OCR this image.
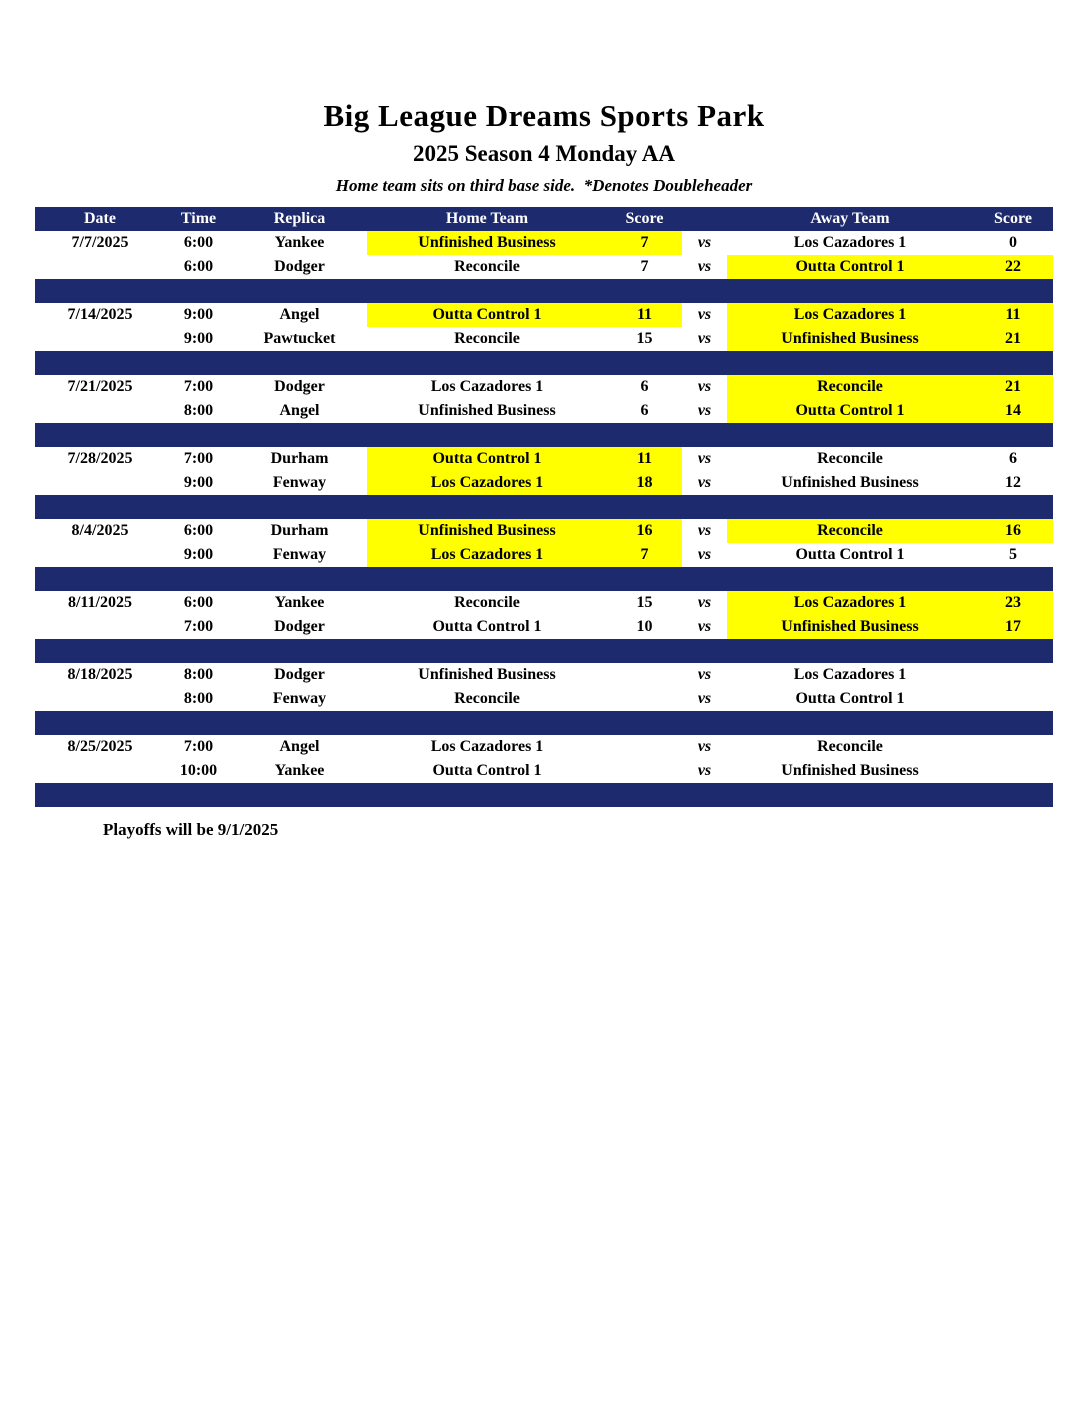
Big League Dreams Sports Park
2025 Season 4 Monday AA
Home team sits on third base side.  *Denotes Doubleheader
Date	Time	Replica	Home Team	Score		Away Team	Score
7/7/2025	6:00	Yankee	Unfinished Business	7	vs	Los Cazadores 1	0
	6:00	Dodger	Reconcile	7	vs	Outta Control 1	22

7/14/2025	9:00	Angel	Outta Control 1	11	vs	Los Cazadores 1	11
	9:00	Pawtucket	Reconcile	15	vs	Unfinished Business	21

7/21/2025	7:00	Dodger	Los Cazadores 1	6	vs	Reconcile	21
	8:00	Angel	Unfinished Business	6	vs	Outta Control 1	14

7/28/2025	7:00	Durham	Outta Control 1	11	vs	Reconcile	6
	9:00	Fenway	Los Cazadores 1	18	vs	Unfinished Business	12

8/4/2025	6:00	Durham	Unfinished Business	16	vs	Reconcile	16
	9:00	Fenway	Los Cazadores 1	7	vs	Outta Control 1	5

8/11/2025	6:00	Yankee	Reconcile	15	vs	Los Cazadores 1	23
	7:00	Dodger	Outta Control 1	10	vs	Unfinished Business	17

8/18/2025	8:00	Dodger	Unfinished Business		vs	Los Cazadores 1	
	8:00	Fenway	Reconcile		vs	Outta Control 1	

8/25/2025	7:00	Angel	Los Cazadores 1		vs	Reconcile	
	10:00	Yankee	Outta Control 1		vs	Unfinished Business	

Playoffs will be 9/1/2025
